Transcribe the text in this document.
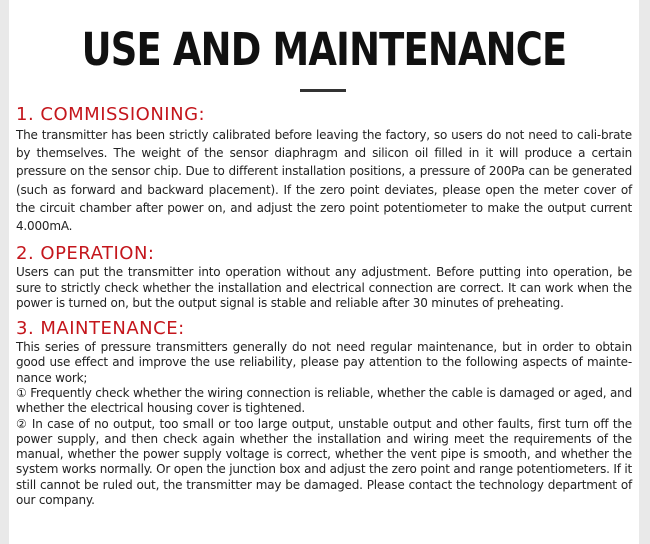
USE AND MAINTENANCE
1. COMMISSIONING:

The transmitter has been strictly calibrated before leaving the factory, so users do not need to cali-brate by themselves. The weight of the sensor diaphragm and silicon oil filled in it will produce a certain pressure on the sensor chip. Due to different installation positions, a pressure of 200Pa can be generated (such as forward and backward placement). If the zero point deviates, please open the meter cover of the circuit chamber after power on, and adjust the zero point potentiometer to make the output current 4.000mA.

2. OPERATION:

Users can put the transmitter into operation without any adjustment. Before putting into operation, be sure to strictly check whether the installation and electrical connection are correct. It can work when the power is turned on, but the output signal is stable and reliable after 30 minutes of preheating.

3. MAINTENANCE:

This series of pressure transmitters generally do not need regular maintenance, but in order to obtain good use effect and improve the use reliability, please pay attention to the following aspects of mainte-nance work;

① Frequently check whether the wiring connection is reliable, whether the cable is damaged or aged, and whether the electrical housing cover is tightened.

② In case of no output, too small or too large output, unstable output and other faults, first turn off the power supply, and then check again whether the installation and wiring meet the requirements of the manual, whether the power supply voltage is correct, whether the vent pipe is smooth, and whether the system works normally. Or open the junction box and adjust the zero point and range potentiometers. If it still cannot be ruled out, the transmitter may be damaged. Please contact the technology department of our company.
